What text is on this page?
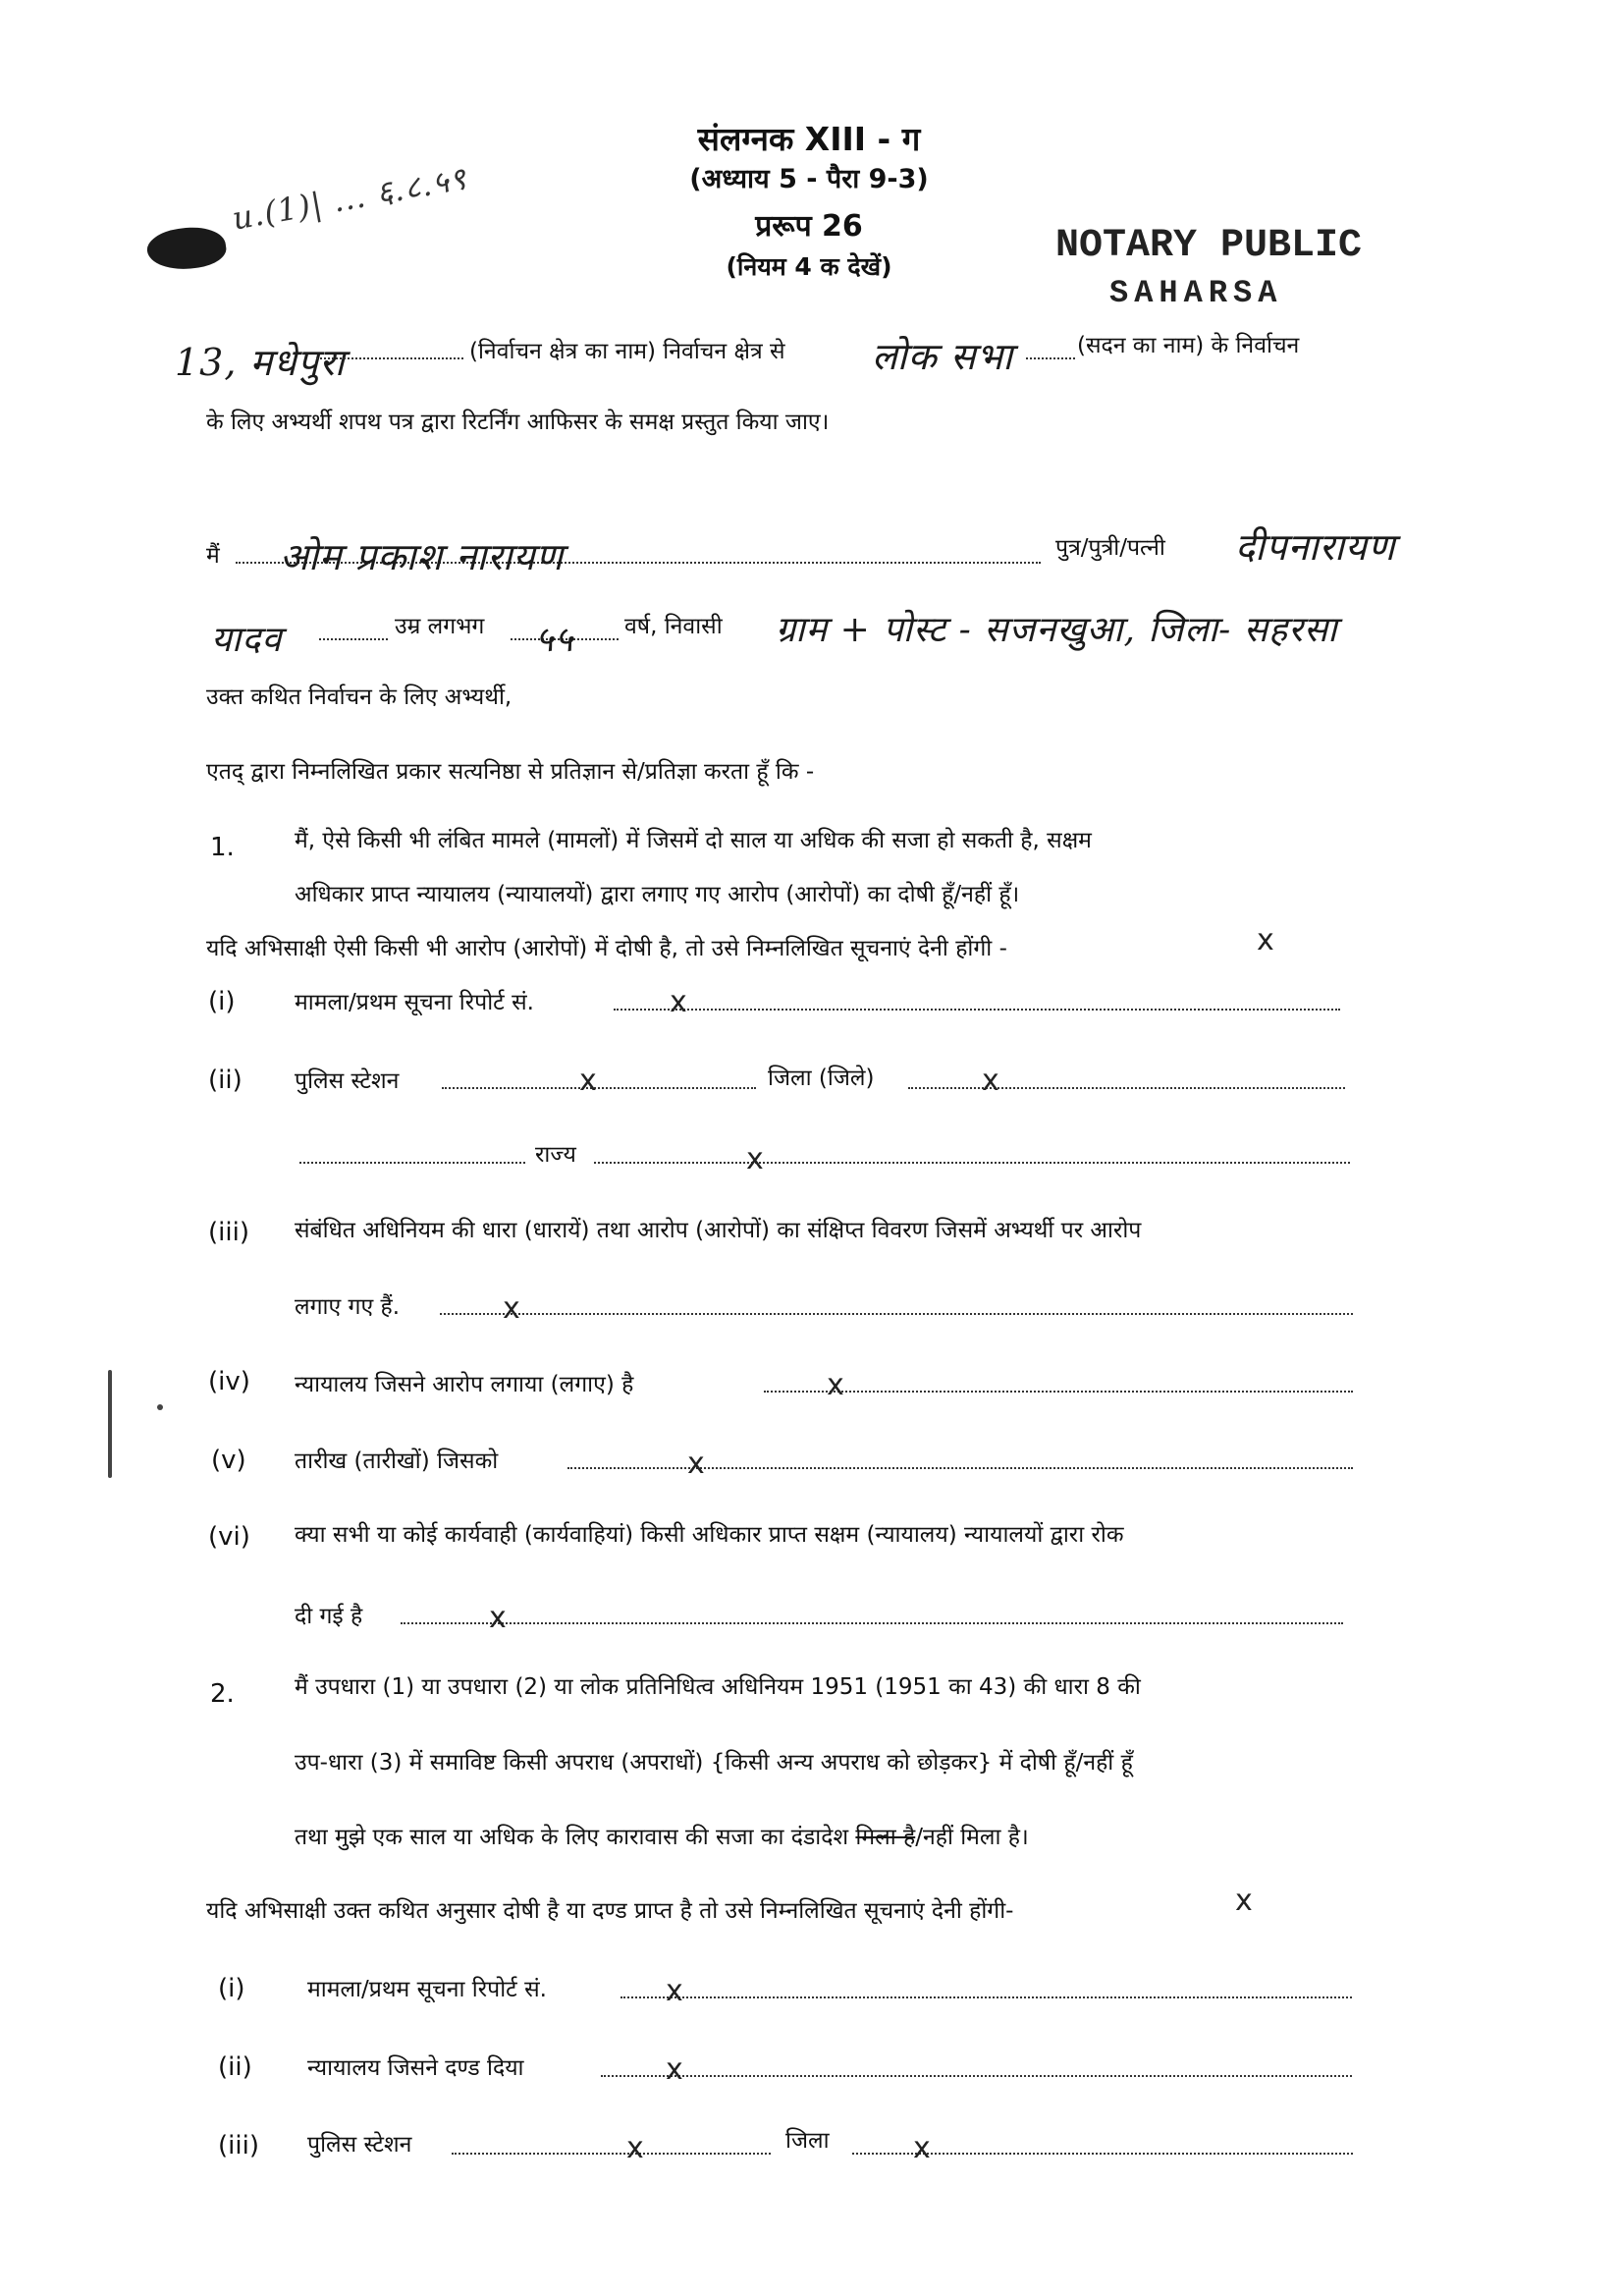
संलग्नक XIII - ग
(अध्याय 5 - पैरा 9-3)
प्ररूप 26
(नियम 4 क देखें)	NOTARY PUBLIC
SAHARSA
u.(1)| ... ६.८.५९
13, मधेपुरा	(निर्वाचन क्षेत्र का नाम) निर्वाचन क्षेत्र से लोक सभा	(सदन का नाम) के निर्वाचन
के लिए अभ्यर्थी शपथ पत्र द्वारा रिटर्निंग आफिसर के समक्ष प्रस्तुत किया जाए।
मैं ओम प्रकाश नारायण	पुत्र/पुत्री/पत्नी दीपनारायण
यादव	उम्र लगभग ५५ वर्ष, निवासी ग्राम + पोस्ट - सजनखुआ, जिला- सहरसा
उक्त कथित निर्वाचन के लिए अभ्यर्थी,
एतद् द्वारा निम्नलिखित प्रकार सत्यनिष्ठा से प्रतिज्ञान से/प्रतिज्ञा करता हूँ कि -
1.	मैं, ऐसे किसी भी लंबित मामले (मामलों) में जिसमें दो साल या अधिक की सजा हो सकती है, सक्षम
अधिकार प्राप्त न्यायालय (न्यायालयों) द्वारा लगाए गए आरोप (आरोपों) का दोषी हूँ/नहीं हूँ।
यदि अभिसाक्षी ऐसी किसी भी आरोप (आरोपों) में दोषी है, तो उसे निम्नलिखित सूचनाएं देनी होंगी -	x
(i)	मामला/प्रथम सूचना रिपोर्ट सं.	x
(ii) पुलिस स्टेशन	x	जिला (जिले)	x
राज्य	x
(iii) संबंधित अधिनियम की धारा (धारायें) तथा आरोप (आरोपों) का संक्षिप्त विवरण जिसमें अभ्यर्थी पर आरोप
लगाए गए हैं.	x
(iv) न्यायालय जिसने आरोप लगाया (लगाए) है	x
(v) तारीख (तारीखों) जिसको	x
(vi) क्या सभी या कोई कार्यवाही (कार्यवाहियां) किसी अधिकार प्राप्त सक्षम (न्यायालय) न्यायालयों द्वारा रोक
दी गई है	x
2.	मैं उपधारा (1) या उपधारा (2) या लोक प्रतिनिधित्व अधिनियम 1951 (1951 का 43) की धारा 8 की
उप-धारा (3) में समाविष्ट किसी अपराध (अपराधों) {किसी अन्य अपराध को छोड़कर} में दोषी हूँ/नहीं हूँ
तथा मुझे एक साल या अधिक के लिए कारावास की सजा का दंडादेश मिला है/नहीं मिला है।
यदि अभिसाक्षी उक्त कथित अनुसार दोषी है या दण्ड प्राप्त है तो उसे निम्नलिखित सूचनाएं देनी होंगी-	x
(i)	मामला/प्रथम सूचना रिपोर्ट सं.	x
(ii) न्यायालय जिसने दण्ड दिया	x
(iii) पुलिस स्टेशन	x	जिला	x
